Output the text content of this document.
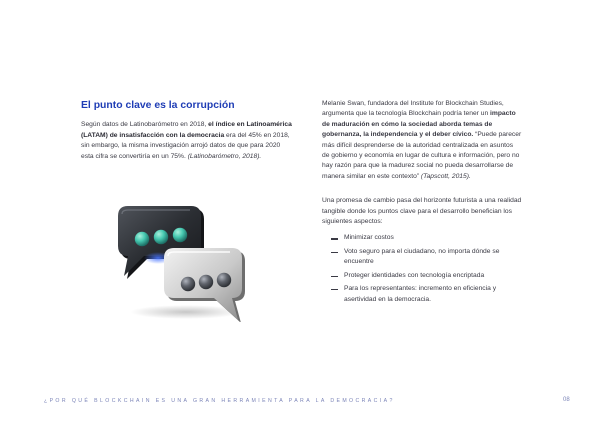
El punto clave es la corrupción

Según datos de Latinobarómetro en 2018, el índice en Latinoamérica (LATAM) de insatisfacción con la democracia era del 45% en 2018, sin embargo, la misma investigación arrojó datos de que para 2020 esta cifra se convertiría en un 75%. (Latinobarómetro, 2018).

Melanie Swan, fundadora del Institute for Blockchain Studies, argumenta que la tecnología Blockchain podría tener un impacto de maduración en cómo la sociedad aborda temas de gobernanza, la independencia y el deber cívico. “Puede parecer más difícil desprenderse de la autoridad centralizada en asuntos de gobierno y economía en lugar de cultura e información, pero no hay razón para que la madurez social no pueda desarrollarse de manera similar en este contexto” (Tapscott, 2015).

Una promesa de cambio pasa del horizonte futurista a una realidad tangible donde los puntos clave para el desarrollo benefician los siguientes aspectos:

Minimizar costos
Voto seguro para el ciudadano, no importa dónde se encuentre
Proteger identidades con tecnología encriptada
Para los representantes: incremento en eficiencia y asertividad en la democracia.
¿POR QUÉ BLOCKCHAIN ES UNA GRAN HERRAMIENTA PARA LA DEMOCRACIA?	08
